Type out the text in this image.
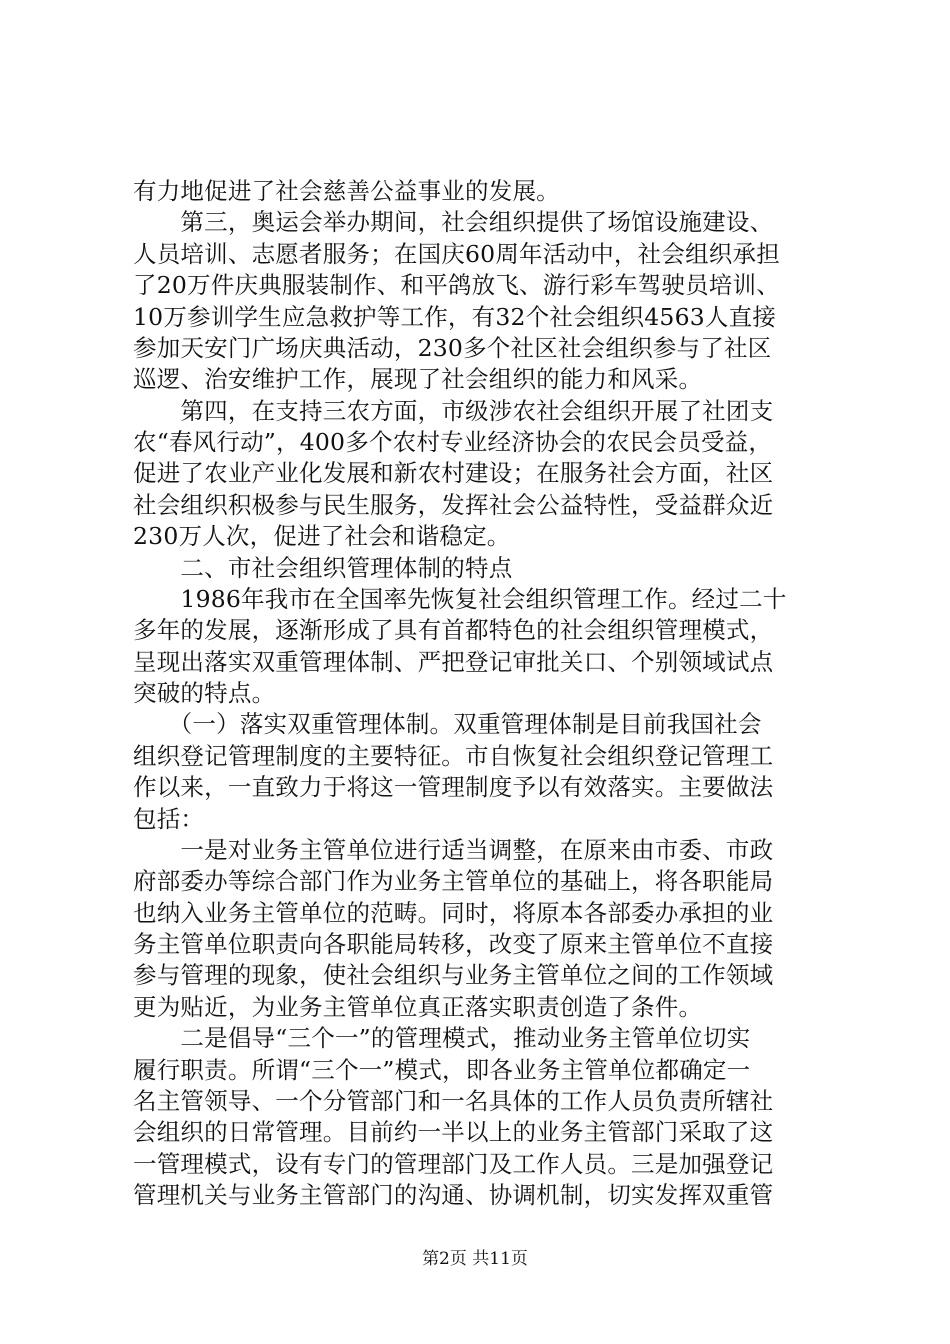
有力地促进了社会慈善公益事业的发展。
　　第三，奥运会举办期间，社会组织提供了场馆设施建设、
人员培训、志愿者服务；在国庆60周年活动中，社会组织承担
了20万件庆典服装制作、和平鸽放飞、游行彩车驾驶员培训、
10万参训学生应急救护等工作，有32个社会组织4563人直接
参加天安门广场庆典活动，230多个社区社会组织参与了社区
巡逻、治安维护工作，展现了社会组织的能力和风采。
　　第四，在支持三农方面，市级涉农社会组织开展了社团支
农“春风行动”，400多个农村专业经济协会的农民会员受益，
促进了农业产业化发展和新农村建设；在服务社会方面，社区
社会组织积极参与民生服务，发挥社会公益特性，受益群众近
230万人次，促进了社会和谐稳定。
　　二、市社会组织管理体制的特点
　　1986年我市在全国率先恢复社会组织管理工作。经过二十
多年的发展，逐渐形成了具有首都特色的社会组织管理模式，
呈现出落实双重管理体制、严把登记审批关口、个别领域试点
突破的特点。
　　（一）落实双重管理体制。双重管理体制是目前我国社会
组织登记管理制度的主要特征。市自恢复社会组织登记管理工
作以来，一直致力于将这一管理制度予以有效落实。主要做法
包括：
　　一是对业务主管单位进行适当调整，在原来由市委、市政
府部委办等综合部门作为业务主管单位的基础上，将各职能局
也纳入业务主管单位的范畴。同时，将原本各部委办承担的业
务主管单位职责向各职能局转移，改变了原来主管单位不直接
参与管理的现象，使社会组织与业务主管单位之间的工作领域
更为贴近，为业务主管单位真正落实职责创造了条件。
　　二是倡导“三个一”的管理模式，推动业务主管单位切实
履行职责。所谓“三个一”模式，即各业务主管单位都确定一
名主管领导、一个分管部门和一名具体的工作人员负责所辖社
会组织的日常管理。目前约一半以上的业务主管部门采取了这
一管理模式，设有专门的管理部门及工作人员。三是加强登记
管理机关与业务主管部门的沟通、协调机制，切实发挥双重管
第2页 共11页
